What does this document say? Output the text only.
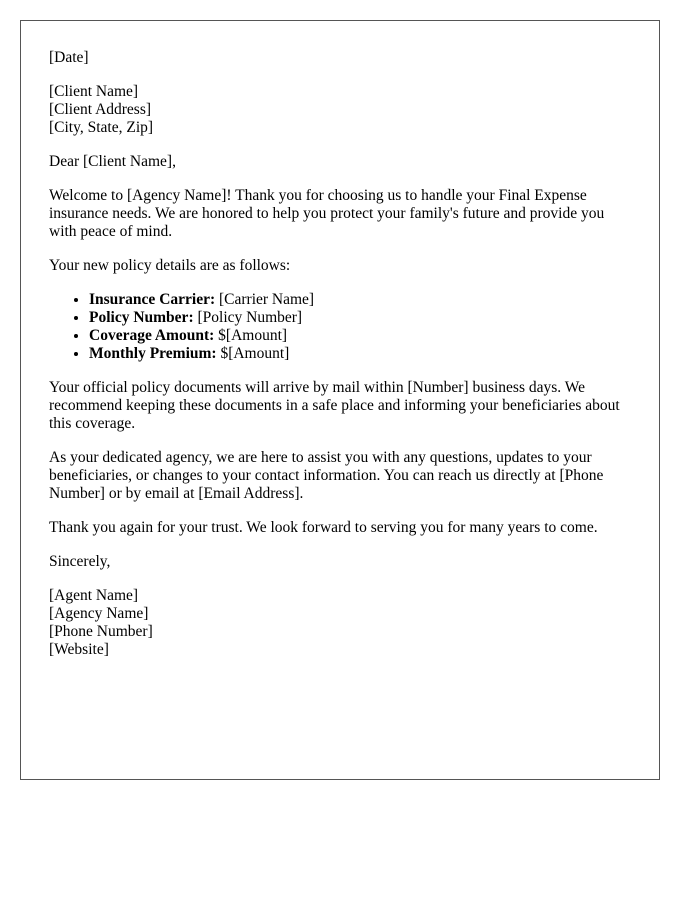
[Date]

[Client Name]
[Client Address]
[City, State, Zip]

Dear [Client Name],

Welcome to [Agency Name]! Thank you for choosing us to handle your Final Expense insurance needs. We are honored to help you protect your family's future and provide you with peace of mind.

Your new policy details are as follows:

• Insurance Carrier: [Carrier Name]
• Policy Number: [Policy Number]
• Coverage Amount: $[Amount]
• Monthly Premium: $[Amount]

Your official policy documents will arrive by mail within [Number] business days. We recommend keeping these documents in a safe place and informing your beneficiaries about this coverage.

As your dedicated agency, we are here to assist you with any questions, updates to your beneficiaries, or changes to your contact information. You can reach us directly at [Phone Number] or by email at [Email Address].

Thank you again for your trust. We look forward to serving you for many years to come.

Sincerely,

[Agent Name]
[Agency Name]
[Phone Number]
[Website]
